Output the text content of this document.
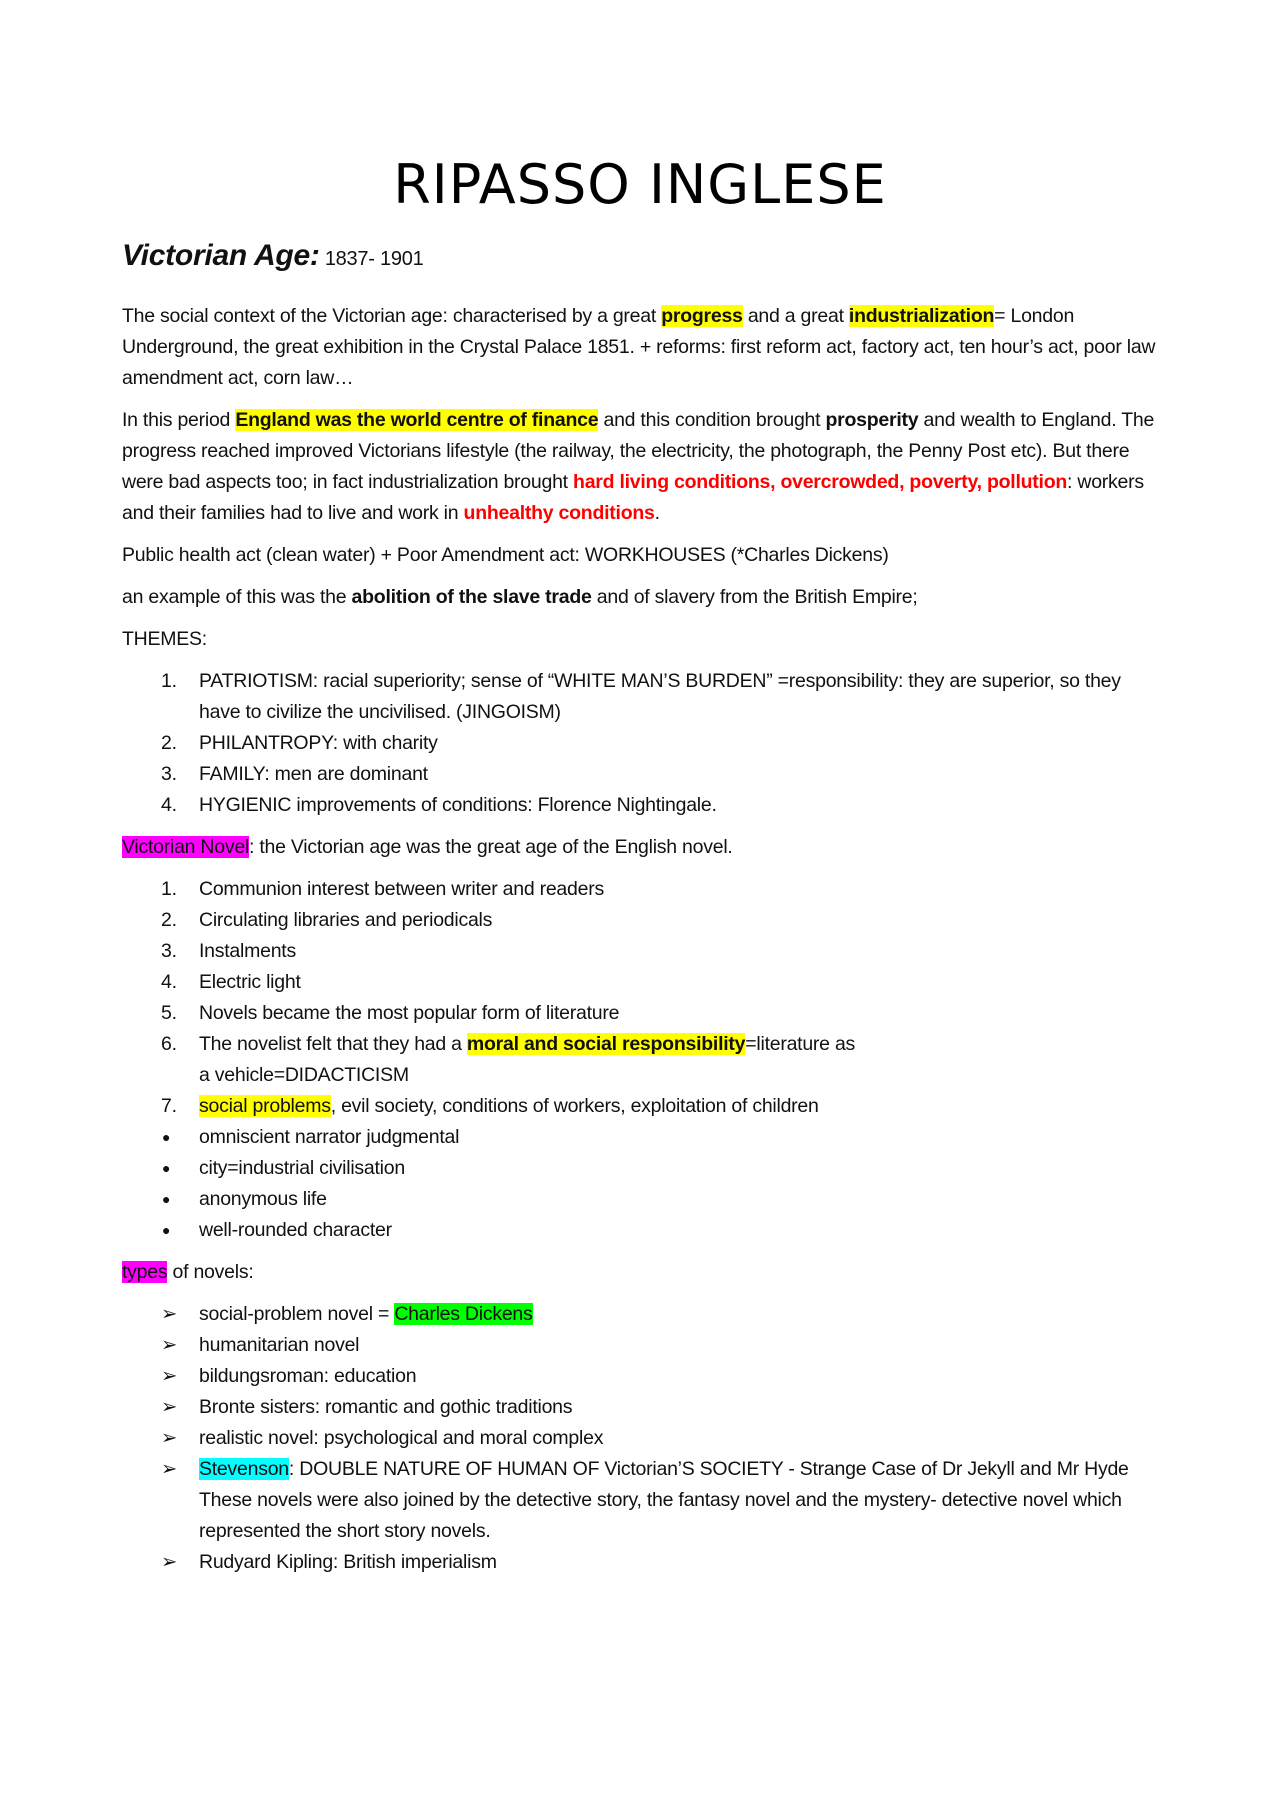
RIPASSO INGLESE
Victorian Age: 1837- 1901

The social context of the Victorian age: characterised by a great progress and a great industrialization= London Underground, the great exhibition in the Crystal Palace 1851. + reforms: first reform act, factory act, ten hour’s act, poor law amendment act, corn law…

In this period England was the world centre of finance and this condition brought prosperity and wealth to England. The progress reached improved Victorians lifestyle (the railway, the electricity, the photograph, the Penny Post etc). But there were bad aspects too; in fact industrialization brought hard living conditions, overcrowded, poverty, pollution: workers and their families had to live and work in unhealthy conditions.

Public health act (clean water) + Poor Amendment act: WORKHOUSES (*Charles Dickens)

an example of this was the abolition of the slave trade and of slavery from the British Empire;

THEMES:

1. PATRIOTISM: racial superiority; sense of “WHITE MAN’S BURDEN” =responsibility: they are superior, so they have to civilize the uncivilised. (JINGOISM)
2. PHILANTROPY: with charity
3. FAMILY: men are dominant
4. HYGIENIC improvements of conditions: Florence Nightingale.

Victorian Novel: the Victorian age was the great age of the English novel.

1. Communion interest between writer and readers
2. Circulating libraries and periodicals
3. Instalments
4. Electric light
5. Novels became the most popular form of literature
6. The novelist felt that they had a moral and social responsibility=literature as a vehicle=DIDACTICISM
7. social problems, evil society, conditions of workers, exploitation of children
● omniscient narrator judgmental
● city=industrial civilisation
● anonymous life
● well-rounded character

types of novels:

➢ social-problem novel = Charles Dickens
➢ humanitarian novel
➢ bildungsroman: education
➢ Bronte sisters: romantic and gothic traditions
➢ realistic novel: psychological and moral complex
➢ Stevenson: DOUBLE NATURE OF HUMAN OF Victorian’S SOCIETY - Strange Case of Dr Jekyll and Mr Hyde
These novels were also joined by the detective story, the fantasy novel and the mystery- detective novel which represented the short story novels.
➢ Rudyard Kipling: British imperialism
